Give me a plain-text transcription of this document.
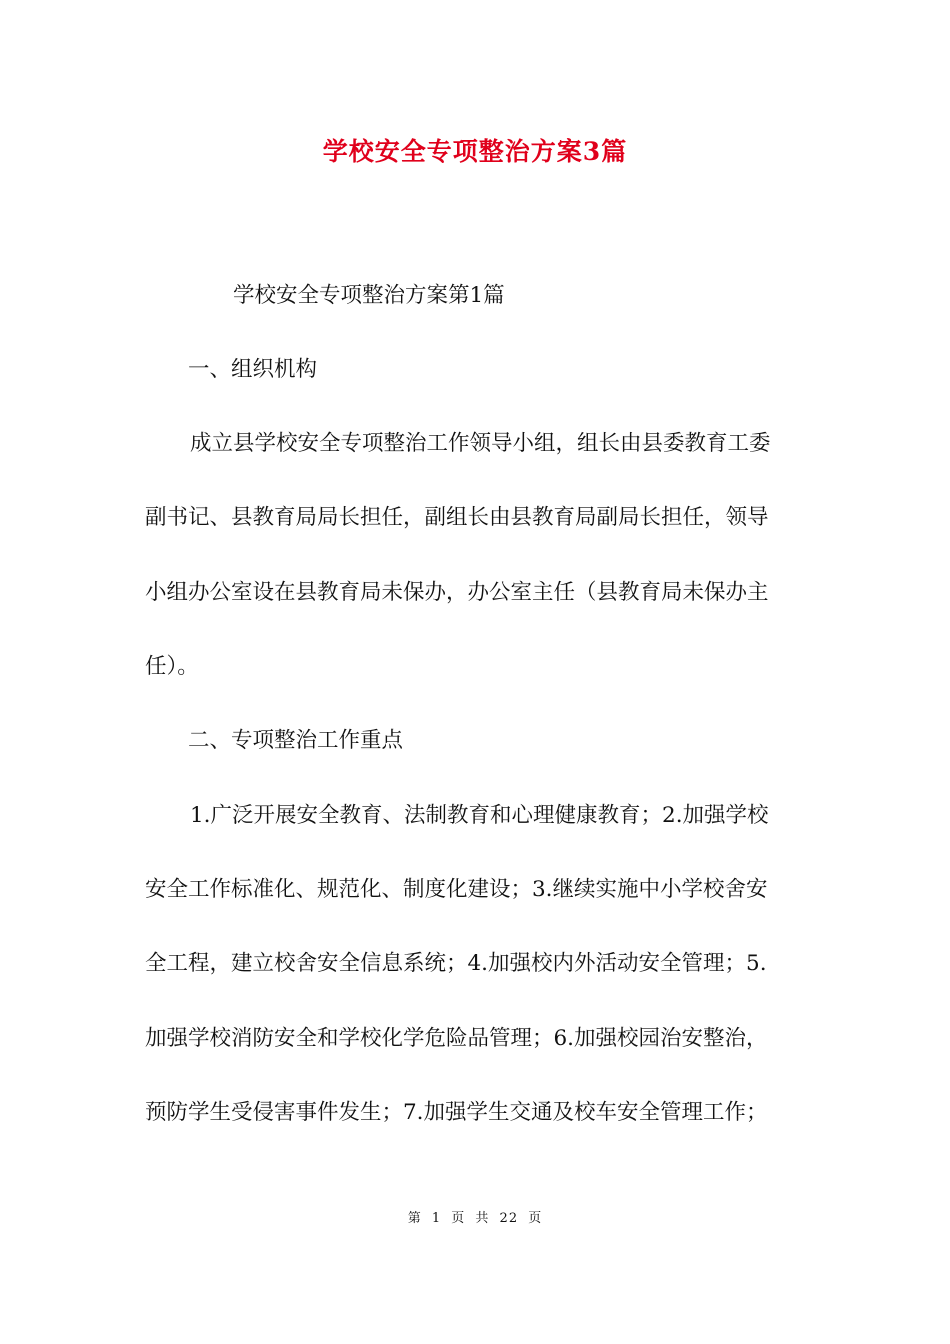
学校安全专项整治方案3篇
学校安全专项整治方案第1篇
一、组织机构
成立县学校安全专项整治工作领导小组，组长由县委教育工委
副书记、县教育局局长担任，副组长由县教育局副局长担任，领导
小组办公室设在县教育局未保办，办公室主任（县教育局未保办主
任）。
二、专项整治工作重点
1.广泛开展安全教育、法制教育和心理健康教育；2.加强学校
安全工作标准化、规范化、制度化建设；3.继续实施中小学校舍安
全工程，建立校舍安全信息系统；4.加强校内外活动安全管理；5.
加强学校消防安全和学校化学危险品管理；6.加强校园治安整治，
预防学生受侵害事件发生；7.加强学生交通及校车安全管理工作；
第 1 页 共 22 页
